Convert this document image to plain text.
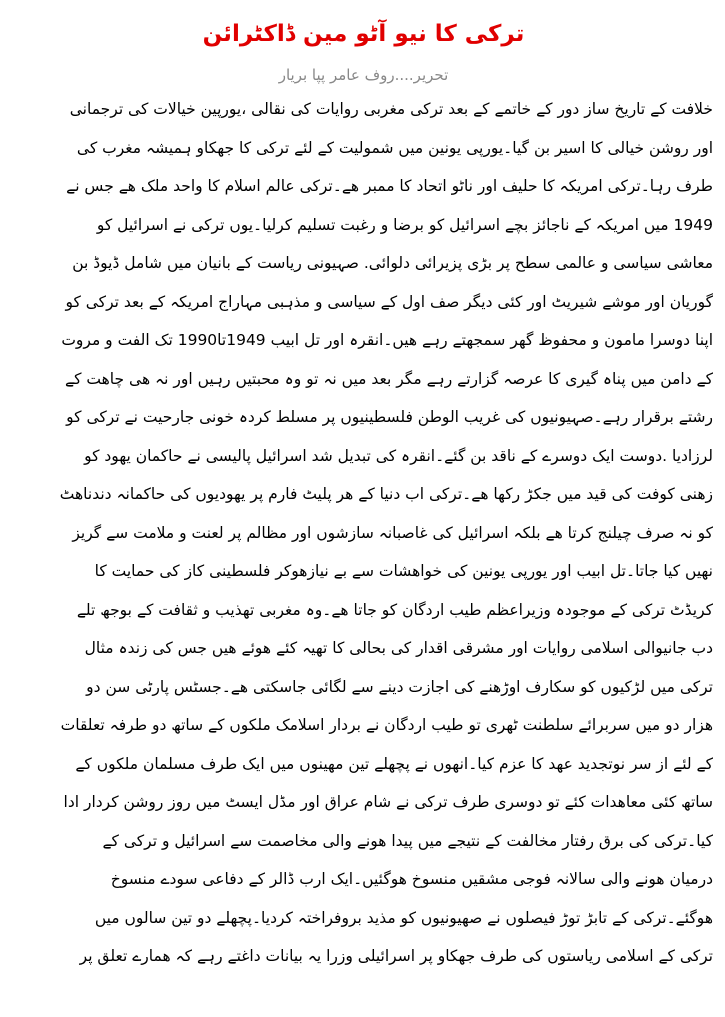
ترکی کا نیو آٹو مین ڈاکٹرائن

تحریر....روف عامر پپا بریار

خلافت کے تاریخ ساز دور کے خاتمے کے بعد ترکی مغربی روایات کی نقالی ،یورپین خیالات کی ترجمانی
اور روشن خیالی کا اسیر بن گیا۔یورپی یونین میں شمولیت کے لئے ترکی کا جھکاو ہمیشہ مغرب کی
طرف رہا۔ترکی امریکہ کا حلیف اور ناٹو اتحاد کا ممبر ھے۔ترکی عالم اسلام کا واحد ملک ھے جس نے
1949 میں امریکہ کے ناجائز بچے اسرائیل کو برضا و رغبت تسلیم کرلیا۔یوں ترکی نے اسرائیل کو
معاشی سیاسی و عالمی سطح پر بڑی پزیرائی دلوائی. صہیونی ریاست کے بانیان میں شامل ڈیوڈ بن
گوریان اور موشے شیریٹ اور کئی دیگر صف اول کے سیاسی و مذہبی مہاراج امریکہ کے بعد ترکی کو
اپنا دوسرا مامون و محفوظ گھر سمجھتے رہے ھیں۔انقرہ اور تل ابیب 1949تا1990 تک الفت و مروت
کے دامن میں پناہ گیری کا عرصہ گزارتے رہے مگر بعد میں نہ تو وہ محبتیں رہیں اور نہ ھی چاھت کے
رشتے برقرار رہے۔صہیونیوں کی غریب الوطن فلسطینیوں پر مسلط کردہ خونی جارحیت نے ترکی کو
لرزادیا .دوست ایک دوسرے کے ناقد بن گئے۔انقرہ کی تبدیل شد اسرائیل پالیسی نے حاکمان یھود کو
زھنی کوفت کی قید میں جکڑ رکھا ھے۔ترکی اب دنیا کے ھر پلیٹ فارم پر یھودیوں کی حاکمانہ دندناھٹ
کو نہ صرف چیلنج کرتا ھے بلکہ اسرائیل کی غاصبانہ سازشوں اور مظالم پر لعنت و ملامت سے گریز
نھیں کیا جاتا۔تل ابیب اور یورپی یونین کی خواھشات سے بے نیازھوکر فلسطینی کاز کی حمایت کا
کریڈٹ ترکی کے موجودہ وزیراعظم طیب اردگان کو جاتا ھے۔وہ مغربی تھذیب و ثقافت کے بوجھ تلے
دب جانیوالی اسلامی روایات اور مشرقی اقدار کی بحالی کا تھیہ کئے ھوئے ھیں جس کی زندہ مثال
ترکی میں لڑکیوں کو سکارف اوڑھنے کی اجازت دینے سے لگائی جاسکتی ھے۔جسٹس پارٹی سن دو
ھزار دو میں سربرائے سلطنت ٹھری تو طیب اردگان نے بردار اسلامک ملکوں کے ساتھ دو طرفہ تعلقات
کے لئے از سر نوتجدید عھد کا عزم کیا۔انھوں نے پچھلے تین مھینوں میں ایک طرف مسلمان ملکوں کے
ساتھ کئی معاھدات کئے تو دوسری طرف ترکی نے شام عراق اور مڈل ایسٹ میں روز روشن کردار ادا
کیا۔ترکی کی برق رفتار مخالفت کے نتیجے میں پیدا ھونے والی مخاصمت سے اسرائیل و ترکی کے
درمیان ھونے والی سالانہ فوجی مشقیں منسوخ ھوگئیں۔ایک ارب ڈالر کے دفاعی سودے منسوخ
ھوگئے۔ترکی کے تابڑ توڑ فیصلوں نے صھیونیوں کو مذید بروفراختہ کردیا۔پچھلے دو تین سالوں میں
ترکی کے اسلامی ریاستوں کی طرف جھکاو پر اسرائیلی وزرا یہ بیانات داغتے رہے کہ ھمارے تعلق پر
